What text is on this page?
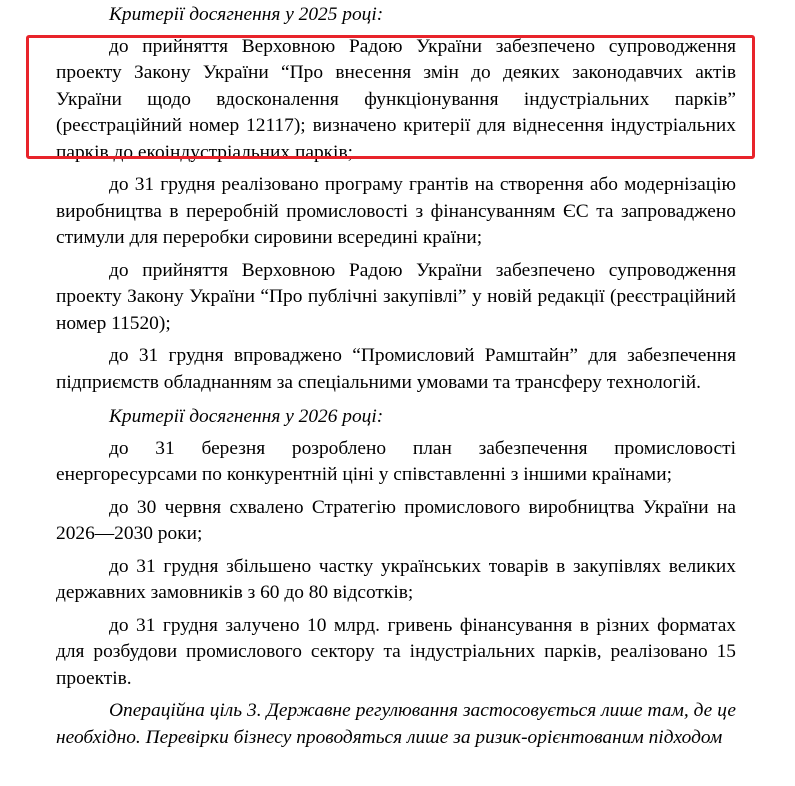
Критерії досягнення у 2025 році:

до прийняття Верховною Радою України забезпечено супроводження проекту Закону України “Про внесення змін до деяких законодавчих актів України щодо вдосконалення функціонування індустріальних парків” (реєстраційний номер 12117); визначено критерії для віднесення індустріальних парків до екоіндустріальних парків;

до 31 грудня реалізовано програму грантів на створення або модернізацію виробництва в переробній промисловості з фінансуванням ЄС та запроваджено стимули для переробки сировини всередині країни;

до прийняття Верховною Радою України забезпечено супроводження проекту Закону України “Про публічні закупівлі” у новій редакції (реєстраційний номер 11520);

до 31 грудня впроваджено “Промисловий Рамштайн” для забезпечення підприємств обладнанням за спеціальними умовами та трансферу технологій.

Критерії досягнення у 2026 році:

до 31 березня розроблено план забезпечення промисловості енергоресурсами по конкурентній ціні у співставленні з іншими країнами;

до 30 червня схвалено Стратегію промислового виробництва України на 2026—2030 роки;

до 31 грудня збільшено частку українських товарів в закупівлях великих державних замовників з 60 до 80 відсотків;

до 31 грудня залучено 10 млрд. гривень фінансування в різних форматах для розбудови промислового сектору та індустріальних парків, реалізовано 15 проектів.

Операційна ціль 3. Державне регулювання застосовується лише там, де це необхідно. Перевірки бізнесу проводяться лише за ризик-орієнтованим підходом
